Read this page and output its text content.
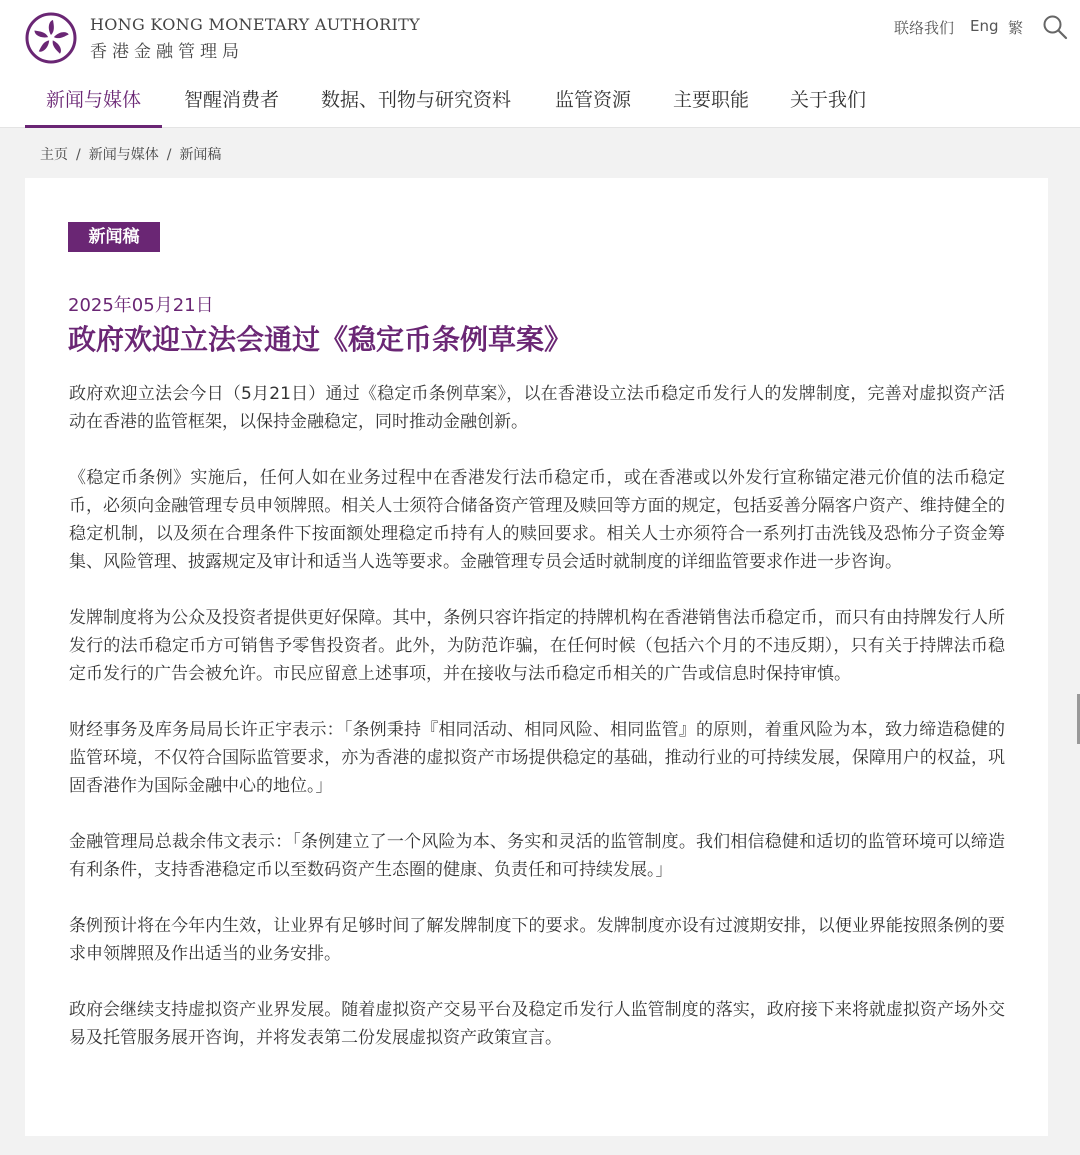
HONG KONG MONETARY AUTHORITY
香港金融管理局
联络我们 Eng 繁
新闻与媒体	智醒消费者 数据、刊物与研究资料 监管资源 主要职能 关于我们
主页 / 新闻与媒体 / 新闻稿
新闻稿
2025年05月21日
政府欢迎立法会通过《稳定币条例草案》

政府欢迎立法会今日（5月21日）通过《稳定币条例草案》，以在香港设立法币稳定币发行人的发牌制度，完善对虚拟资产活动在香港的监管框架，以保持金融稳定，同时推动金融创新。

《稳定币条例》实施后，任何人如在业务过程中在香港发行法币稳定币，或在香港或以外发行宣称锚定港元价值的法币稳定币，必须向金融管理专员申领牌照。相关人士须符合储备资产管理及赎回等方面的规定，包括妥善分隔客户资产、维持健全的稳定机制，以及须在合理条件下按面额处理稳定币持有人的赎回要求。相关人士亦须符合一系列打击洗钱及恐怖分子资金筹集、风险管理、披露规定及审计和适当人选等要求。金融管理专员会适时就制度的详细监管要求作进一步咨询。

发牌制度将为公众及投资者提供更好保障。其中，条例只容许指定的持牌机构在香港销售法币稳定币，而只有由持牌发行人所发行的法币稳定币方可销售予零售投资者。此外，为防范诈骗，在任何时候（包括六个月的不违反期），只有关于持牌法币稳定币发行的广告会被允许。市民应留意上述事项，并在接收与法币稳定币相关的广告或信息时保持审慎。

财经事务及库务局局长许正宇表示：「条例秉持『相同活动、相同风险、相同监管』的原则，着重风险为本，致力缔造稳健的监管环境，不仅符合国际监管要求，亦为香港的虚拟资产市场提供稳定的基础，推动行业的可持续发展，保障用户的权益，巩固香港作为国际金融中心的地位。」

金融管理局总裁余伟文表示：「条例建立了一个风险为本、务实和灵活的监管制度。我们相信稳健和适切的监管环境可以缔造有利条件，支持香港稳定币以至数码资产生态圈的健康、负责任和可持续发展。」

条例预计将在今年内生效，让业界有足够时间了解发牌制度下的要求。发牌制度亦设有过渡期安排，以便业界能按照条例的要求申领牌照及作出适当的业务安排。

政府会继续支持虚拟资产业界发展。随着虚拟资产交易平台及稳定币发行人监管制度的落实，政府接下来将就虚拟资产场外交易及托管服务展开咨询，并将发表第二份发展虚拟资产政策宣言。
